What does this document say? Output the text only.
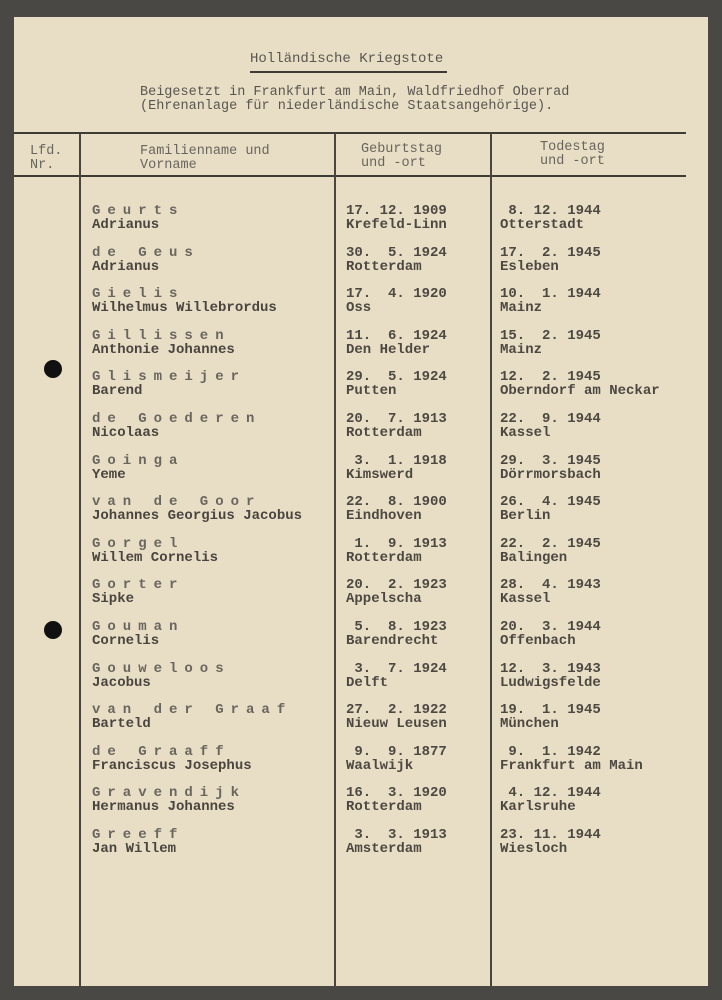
Holländische Kriegstote
Beigesetzt in Frankfurt am Main, Waldfriedhof Oberrad
(Ehrenanlage für niederländische Staatsangehörige).
Lfd.
Nr.
Familienname und
Vorname
Geburtstag
und -ort
Todestag
und -ort
Geurts
Adrianus
17. 12. 1909
Krefeld-Linn
8. 12. 1944
Otterstadt
de Geus
Adrianus
30.  5. 1924
Rotterdam
17.  2. 1945
Esleben
Gielis
Wilhelmus Willebrordus
17.  4. 1920
Oss
10.  1. 1944
Mainz
Gillissen
Anthonie Johannes
11.  6. 1924
Den Helder
15.  2. 1945
Mainz
Glismeijer
Barend
29.  5. 1924
Putten
12.  2. 1945
Oberndorf am Neckar
de Goederen
Nicolaas
20.  7. 1913
Rotterdam
22.  9. 1944
Kassel
Goinga
Yeme
3.  1. 1918
Kimswerd
29.  3. 1945
Dörrmorsbach
van de Goor
Johannes Georgius Jacobus
22.  8. 1900
Eindhoven
26.  4. 1945
Berlin
Gorgel
Willem Cornelis
1.  9. 1913
Rotterdam
22.  2. 1945
Balingen
Gorter
Sipke
20.  2. 1923
Appelscha
28.  4. 1943
Kassel
Gouman
Cornelis
5.  8. 1923
Barendrecht
20.  3. 1944
Offenbach
Gouweloos
Jacobus
3.  7. 1924
Delft
12.  3. 1943
Ludwigsfelde
van der Graaf
Barteld
27.  2. 1922
Nieuw Leusen
19.  1. 1945
München
de Graaff
Franciscus Josephus
9.  9. 1877
Waalwijk
9.  1. 1942
Frankfurt am Main
Gravendijk
Hermanus Johannes
16.  3. 1920
Rotterdam
4. 12. 1944
Karlsruhe
Greeff
Jan Willem
3.  3. 1913
Amsterdam
23. 11. 1944
Wiesloch
